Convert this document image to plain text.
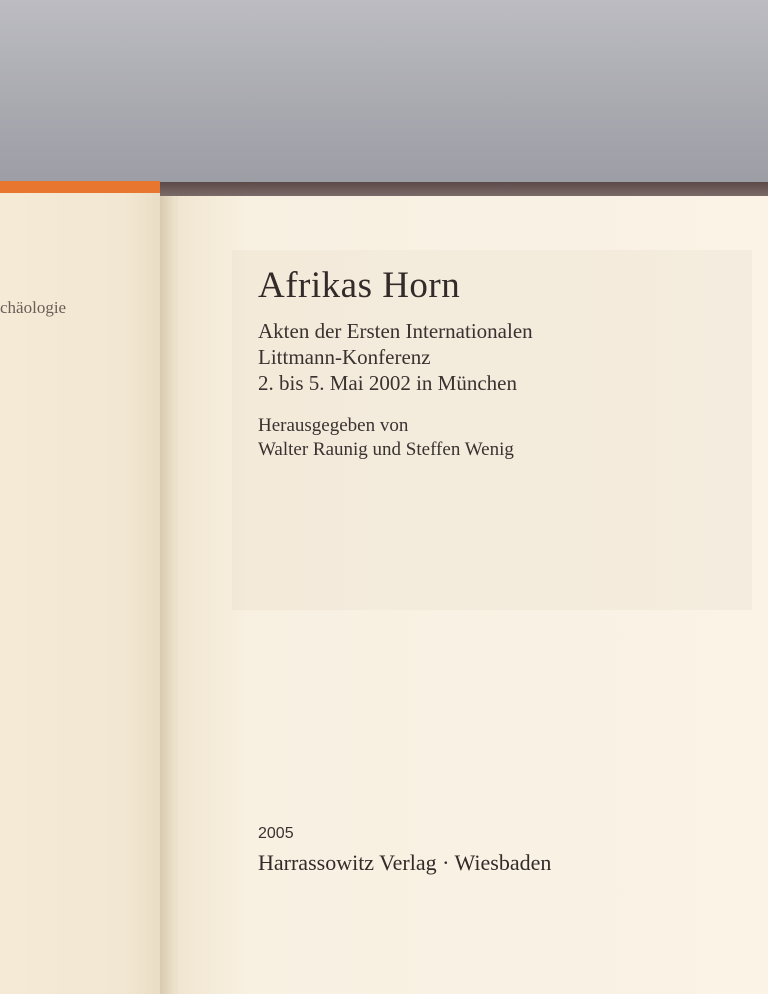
chäologie
Afrikas Horn
Akten der Ersten Internationalen
Littmann-Konferenz
2. bis 5. Mai 2002 in München
Herausgegeben von
Walter Raunig und Steffen Wenig
2005
Harrassowitz Verlag · Wiesbaden
